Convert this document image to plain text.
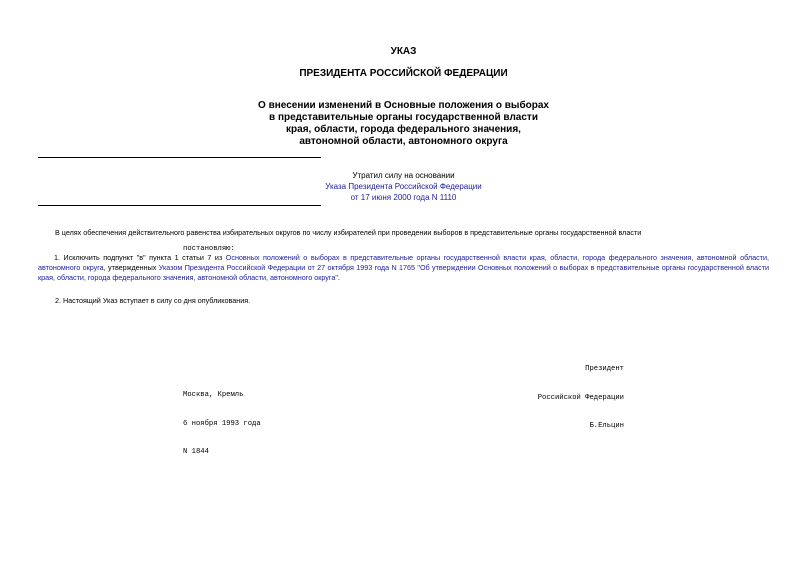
УКАЗ
ПРЕЗИДЕНТА РОССИЙСКОЙ ФЕДЕРАЦИИ
О внесении изменений в Основные положения о выборах
в представительные органы государственной власти
края, области, города федерального значения,
автономной области, автономного округа
Утратил силу на основании
Указа Президента Российской Федерации
от 17 июня 2000 года N 1110
В целях обеспечения действительного равенства избирательных округов по числу избирателей при проведении выборов в представительные органы государственной власти
постановляю:
1. Исключить подпункт "в" пункта 1 статьи 7 из Основных положений о выборах в представительные органы государственной власти края, области, города федерального значения, автономной области, автономного округа, утвержденных Указом Президента Российской Федерации от 27 октября 1993 года N 1765 "Об утверждении Основных положений о выборах в представительные органы государственной власти края, области, города федерального значения, автономной области, автономного округа".
2. Настоящий Указ вступает в силу со дня опубликования.

Президент

Российской Федерации

Б.Ельцин

Москва, Кремль

6 ноября 1993 года

N 1844
